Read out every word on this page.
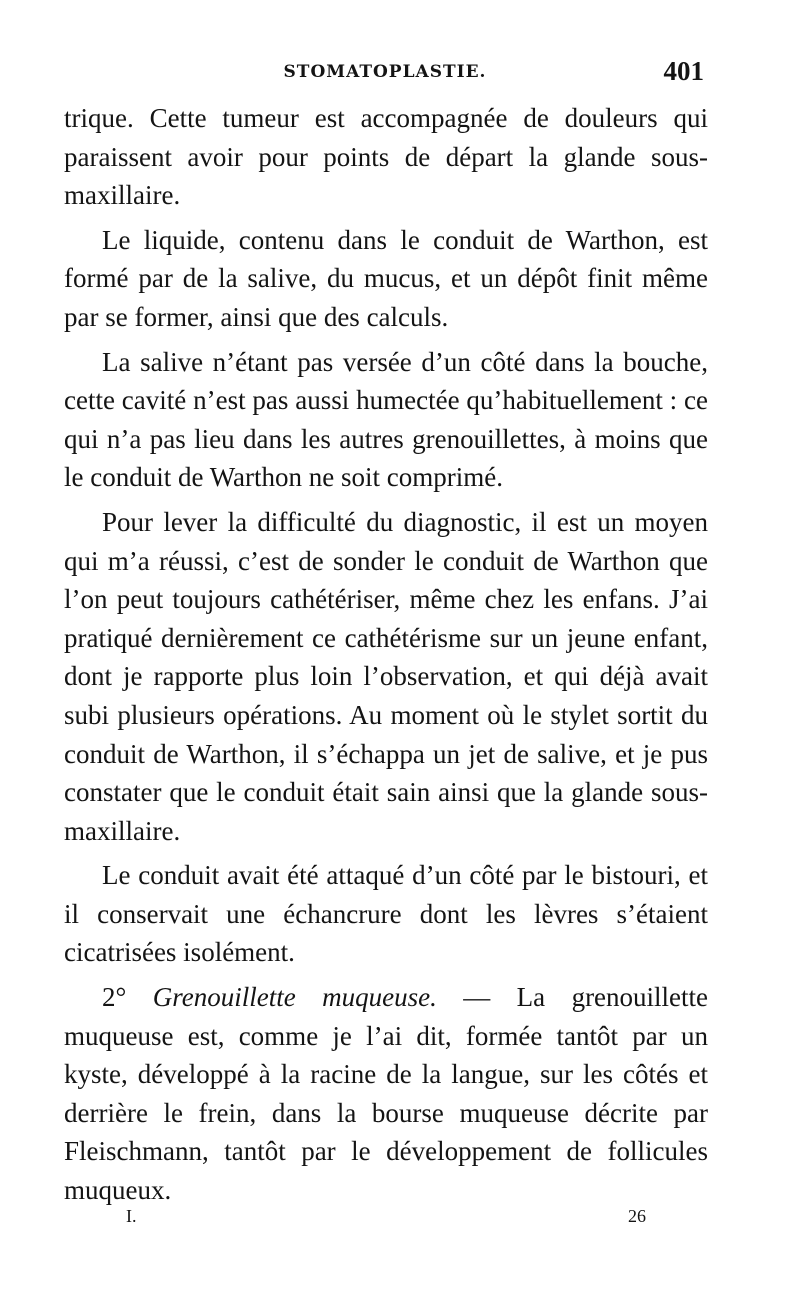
STOMATOPLASTIE.	401

trique. Cette tumeur est accompagnée de douleurs qui paraissent avoir pour points de départ la glande sous-maxillaire.

Le liquide, contenu dans le conduit de Warthon, est formé par de la salive, du mucus, et un dépôt finit même par se former, ainsi que des calculs.

La salive n’étant pas versée d’un côté dans la bouche, cette cavité n’est pas aussi humectée qu’habituellement : ce qui n’a pas lieu dans les autres grenouillettes, à moins que le conduit de Warthon ne soit comprimé.

Pour lever la difficulté du diagnostic, il est un moyen qui m’a réussi, c’est de sonder le conduit de Warthon que l’on peut toujours cathétériser, même chez les enfans. J’ai pratiqué dernièrement ce cathétérisme sur un jeune enfant, dont je rapporte plus loin l’observation, et qui déjà avait subi plusieurs opérations. Au moment où le stylet sortit du conduit de Warthon, il s’échappa un jet de salive, et je pus constater que le conduit était sain ainsi que la glande sous-maxillaire.

Le conduit avait été attaqué d’un côté par le bistouri, et il conservait une échancrure dont les lèvres s’étaient cicatrisées isolément.

2° Grenouillette muqueuse. — La grenouillette muqueuse est, comme je l’ai dit, formée tantôt par un kyste, développé à la racine de la langue, sur les côtés et derrière le frein, dans la bourse muqueuse décrite par Fleischmann, tantôt par le développement de follicules muqueux.

I.	26
